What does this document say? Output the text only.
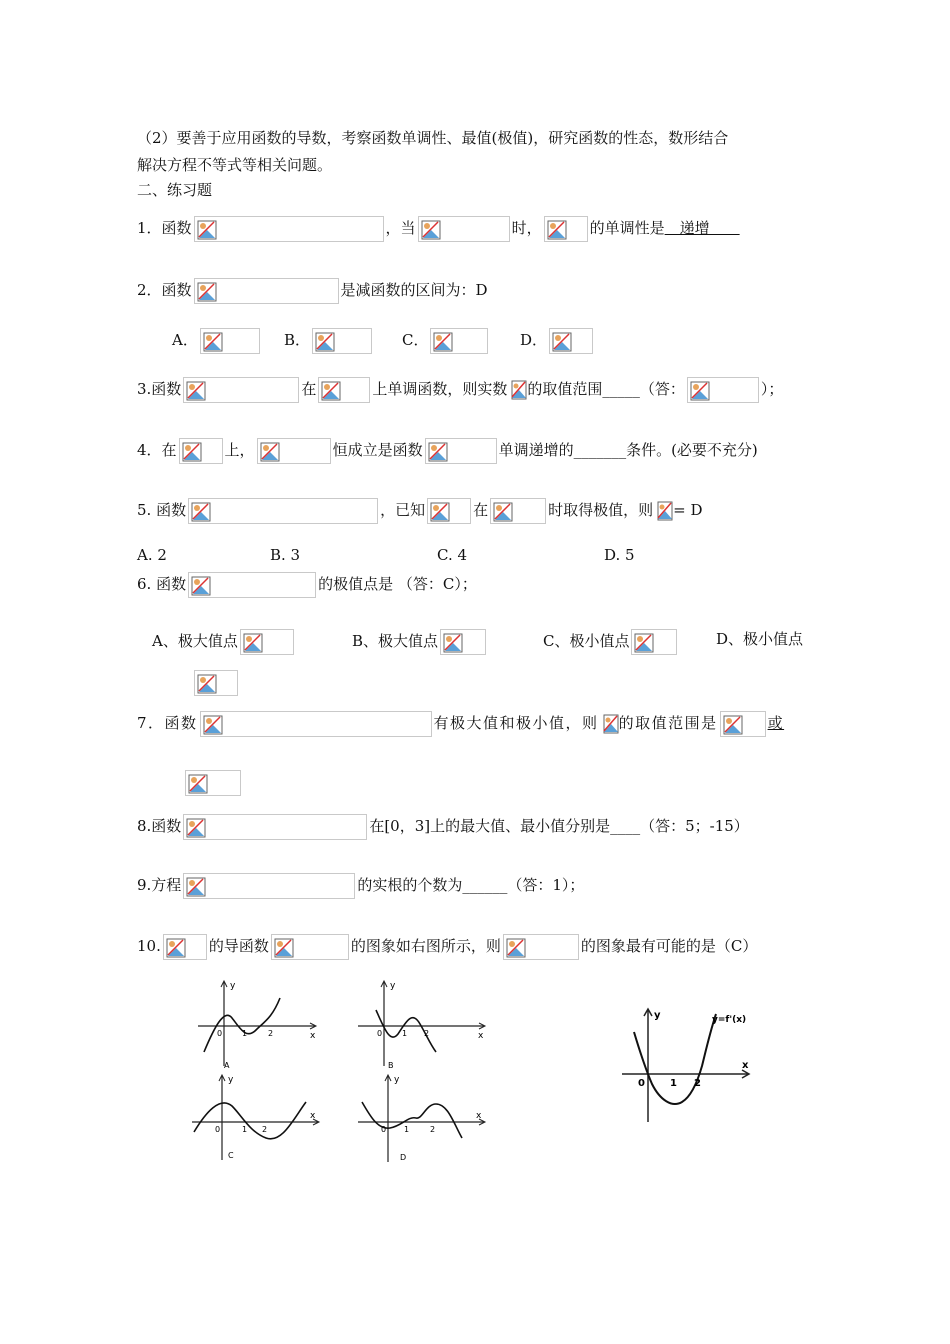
（2）要善于应用函数的导数，考察函数单调性、最值(极值)，研究函数的性态，数形结合
解决方程不等式等相关问题。
二、练习题
1．函数	，当	时，	的单调性是　递增　　
2．函数	是减函数的区间为：D
A．	B．	C．	D．
3.函数	在	上单调函数，则实数 的取值范围_____（答：	）；
4．在	上，	恒成立是函数	单调递增的_______条件。(必要不充分)
5. 函数	，已知	在	时取得极值，则 = D
A. 2	B. 3	C. 4	D. 5
6. 函数	的极值点是 （答：C）；
A、极大值点	B、极大值点	C、极小值点	D、极小值点
7．函数	有极大值和极小值，则 的取值范围是	或
8.函数	在[0，3]上的最大值、最小值分别是____（答：5；-15）
9.方程	的实根的个数为______（答：1）；
10.	的导函数	的图象如右图所示，则	的图象最有可能的是（C）
y
x
0 1	2
A
y
x
0 1 2
B
y
x
0	1 2
C
y
x
0 1	2
D
y
x
0	1 2
y=f'(x)
